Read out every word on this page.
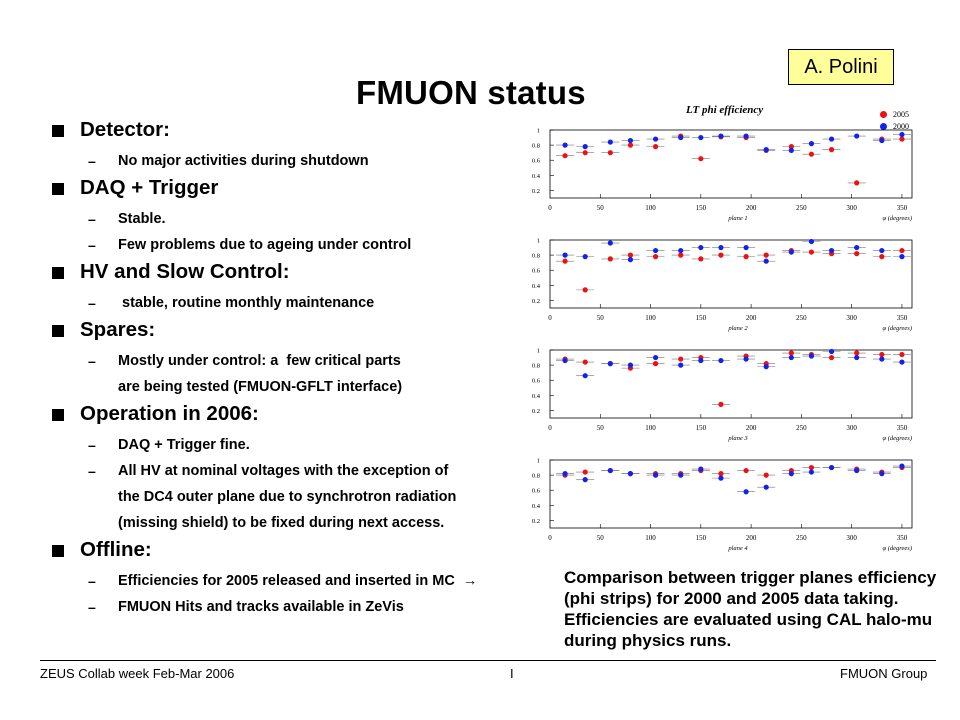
A. Polini
FMUON status
Detector:
– No major activities during shutdown
DAQ + Trigger
– Stable.
– Few problems due to ageing under control
HV and Slow Control:
– stable, routine monthly maintenance
Spares:
– Mostly under control: a  few critical parts
are being tested (FMUON-GFLT interface)
Operation in 2006:
– DAQ + Trigger fine.
– All HV at nominal voltages with the exception of
the DC4 outer plane due to synchrotron radiation
(missing shield) to be fixed during next access.
Offline:
– Efficiencies for 2005 released and inserted in MC →
– FMUON Hits and tracks available in ZeVis
LT phi efficiency	2005
2000
0.2
0.4
0.6
0.8
1
0	50	100	150	200	250	300	350
plane 1	φ (degrees)
0.2
0.4
0.6
0.8
1
0	50	100	150	200	250	300	350
plane 2	φ (degrees)
0.2
0.4
0.6
0.8
1
0	50	100	150	200	250	300	350
plane 3	φ (degrees)
0.2
0.4
0.6
0.8
1
0	50	100	150	200	250	300	350
plane 4	φ (degrees)
Comparison between trigger planes efficiency (phi strips) for 2000 and 2005 data taking. Efficiencies are evaluated using CAL halo-mu during physics runs.
ZEUS Collab week Feb-Mar 2006	I	FMUON Group
